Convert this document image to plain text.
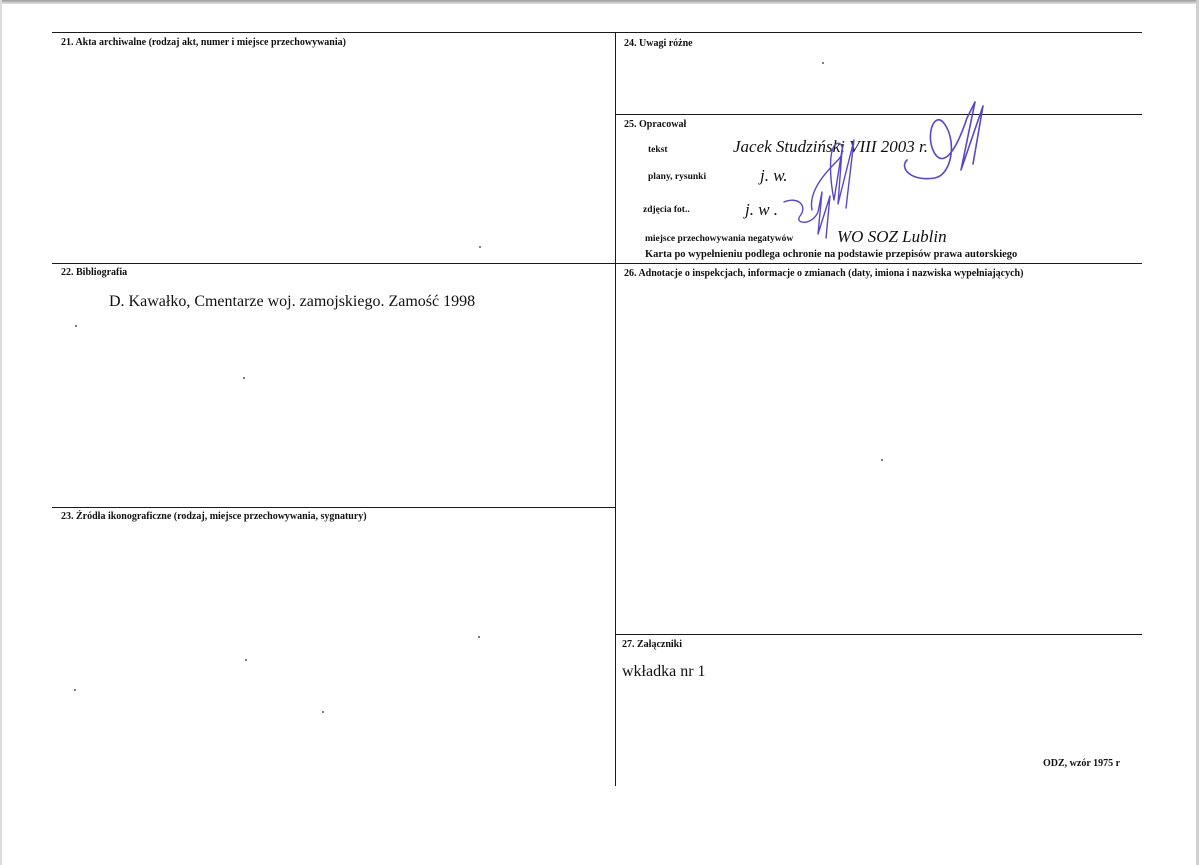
21. Akta archiwalne (rodzaj akt, numer i miejsce przechowywania)	24. Uwagi różne
25. Opracował
tekst	Jacek Studziński VIII 2003 r.
plany, rysunki	j. w.
zdjęcia fot..	j. w .
miejsce przechowywania negatywów	WO SOZ Lublin
Karta po wypełnieniu podlega ochronie na podstawie przepisów prawa autorskiego
22. Bibliografia
D. Kawałko, Cmentarze woj. zamojskiego. Zamość 1998
26. Adnotacje o inspekcjach, informacje o zmianach (daty, imiona i nazwiska wypełniających)
23. Źródła ikonograficzne (rodzaj, miejsce przechowywania, sygnatury)
27. Załączniki
wkładka nr 1
ODZ, wzór 1975 r
